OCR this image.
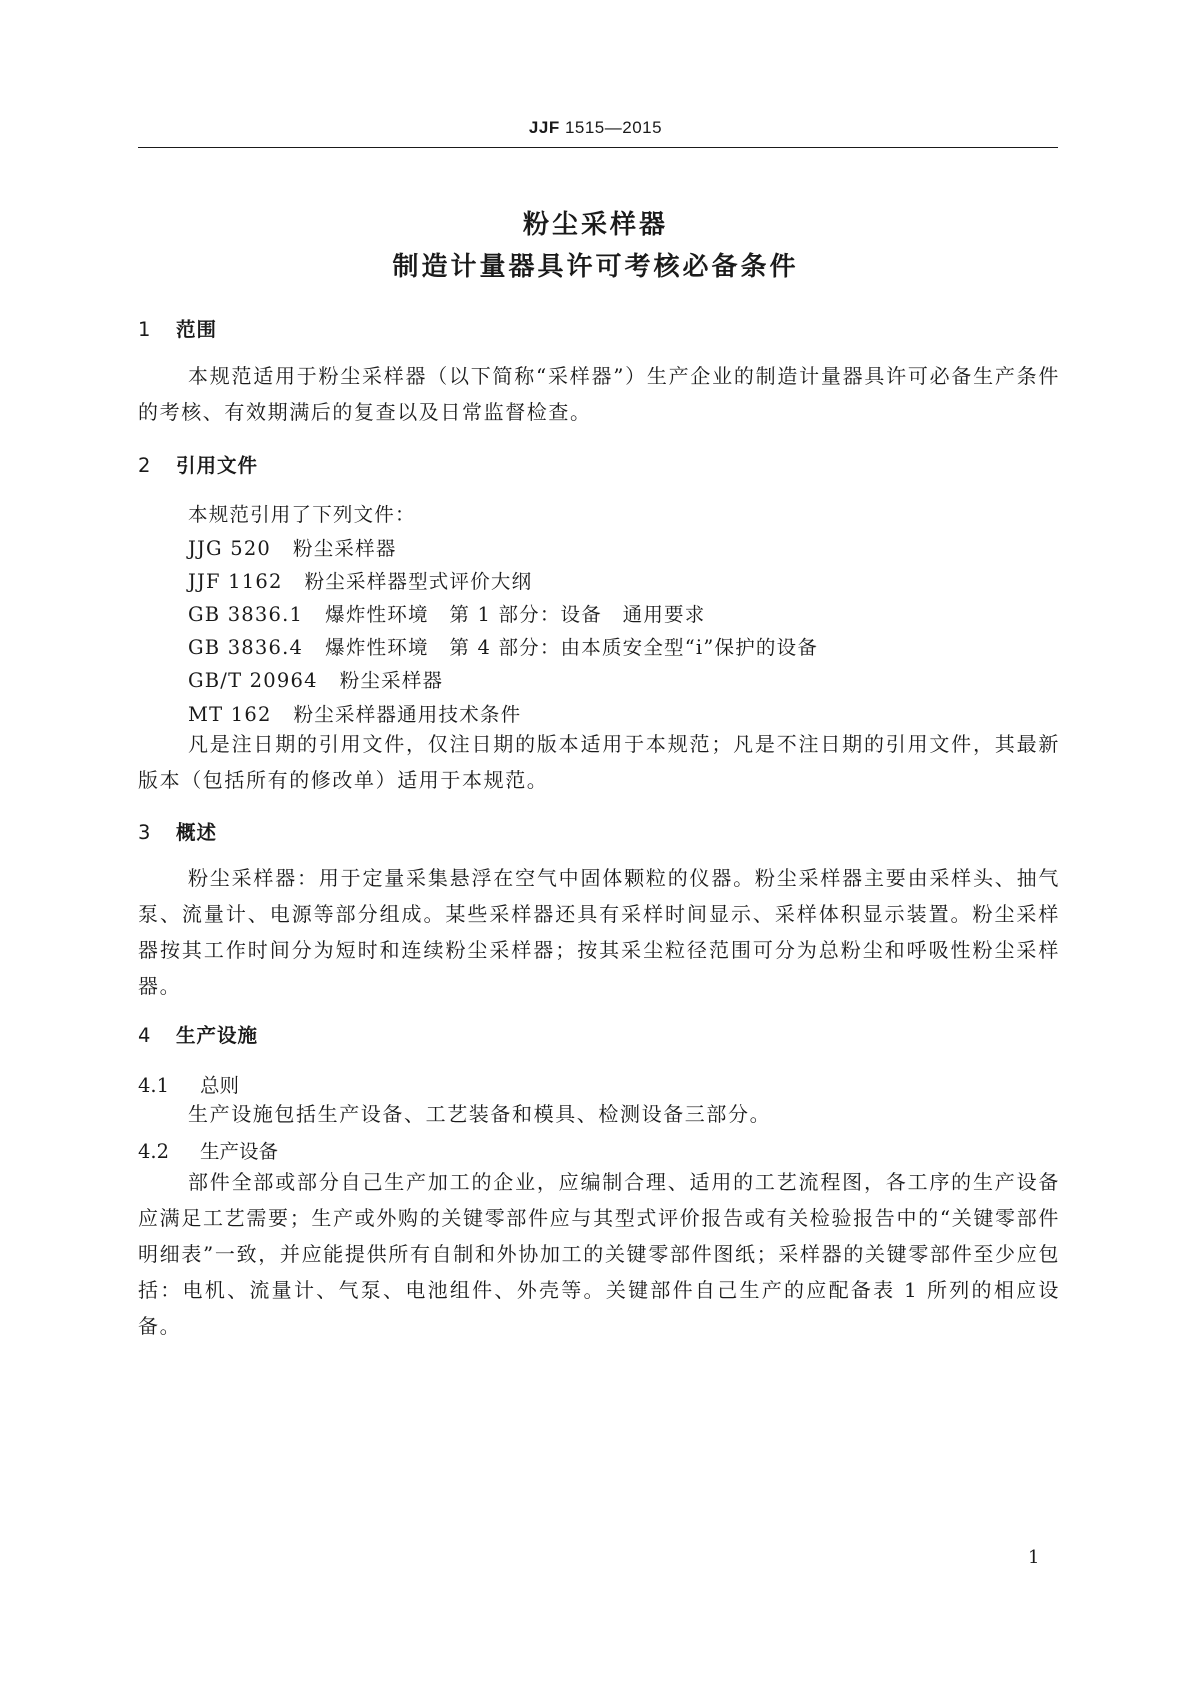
JJF 1515—2015
粉尘采样器
制造计量器具许可考核必备条件
1 范围
本规范适用于粉尘采样器（以下简称“采样器”）生产企业的制造计量器具许可必备生产条件的考核、有效期满后的复查以及日常监督检查。
2 引用文件
本规范引用了下列文件：
JJG 520 粉尘采样器
JJF 1162 粉尘采样器型式评价大纲
GB 3836.1 爆炸性环境　第 1 部分：设备　通用要求
GB 3836.4 爆炸性环境　第 4 部分：由本质安全型“i”保护的设备
GB/T 20964 粉尘采样器
MT 162 粉尘采样器通用技术条件
凡是注日期的引用文件，仅注日期的版本适用于本规范；凡是不注日期的引用文件，其最新版本（包括所有的修改单）适用于本规范。
3 概述
粉尘采样器：用于定量采集悬浮在空气中固体颗粒的仪器。粉尘采样器主要由采样头、抽气泵、流量计、电源等部分组成。某些采样器还具有采样时间显示、采样体积显示装置。粉尘采样器按其工作时间分为短时和连续粉尘采样器；按其采尘粒径范围可分为总粉尘和呼吸性粉尘采样器。
4 生产设施
4.1 总则
生产设施包括生产设备、工艺装备和模具、检测设备三部分。
4.2 生产设备
部件全部或部分自己生产加工的企业，应编制合理、适用的工艺流程图，各工序的生产设备应满足工艺需要；生产或外购的关键零部件应与其型式评价报告或有关检验报告中的“关键零部件明细表”一致，并应能提供所有自制和外协加工的关键零部件图纸；采样器的关键零部件至少应包括：电机、流量计、气泵、电池组件、外壳等。关键部件自己生产的应配备表 1 所列的相应设备。
1
